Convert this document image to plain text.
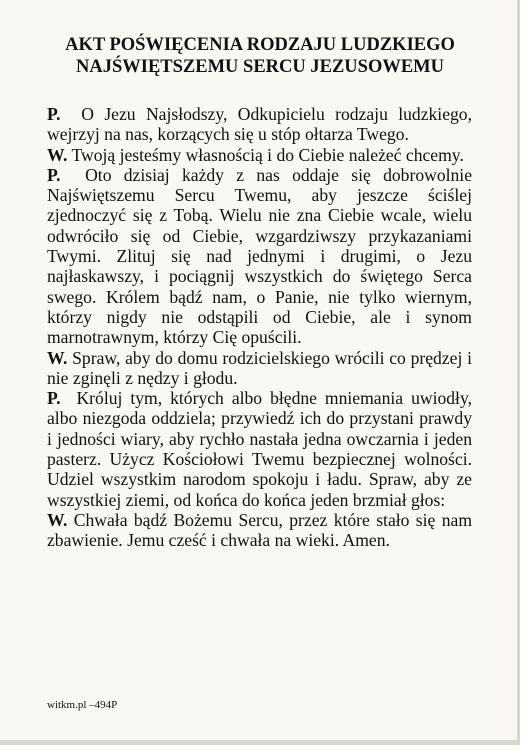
AKT POŚWIĘCENIA RODZAJU LUDZKIEGO
NAJŚWIĘTSZEMU SERCU JEZUSOWEMU

P. O Jezu Najsłodszy, Odkupicielu rodzaju ludzkiego, wejrzyj na nas, korzących się u stóp ołtarza Twego.

W. Twoją jesteśmy własnością i do Ciebie należeć chcemy.

P. Oto dzisiaj każdy z nas oddaje się dobrowolnie Najświętszemu Sercu Twemu, aby jeszcze ściślej zjednoczyć się z Tobą. Wielu nie zna Ciebie wcale, wielu odwróciło się od Ciebie, wzgardziwszy przykazaniami Twymi. Zlituj się nad jednymi i drugimi, o Jezu najłaskawszy, i pociągnij wszystkich do świętego Serca swego. Królem bądź nam, o Panie, nie tylko wiernym, którzy nigdy nie odstąpili od Ciebie, ale i synom marnotrawnym, którzy Cię opuścili.

W. Spraw, aby do domu rodzicielskiego wrócili co prędzej i nie zginęli z nędzy i głodu.

P. Króluj tym, których albo błędne mniemania uwiodły, albo niezgoda oddziela; przywiedź ich do przystani prawdy i jedności wiary, aby rychło nastała jedna owczarnia i jeden pasterz. Użycz Kościołowi Twemu bezpiecznej wolności. Udziel wszystkim narodom spokoju i ładu. Spraw, aby ze wszystkiej ziemi, od końca do końca jeden brzmiał głos:

W. Chwała bądź Bożemu Sercu, przez które stało się nam zbawienie. Jemu cześć i chwała na wieki. Amen.

witkm.pl –494P
